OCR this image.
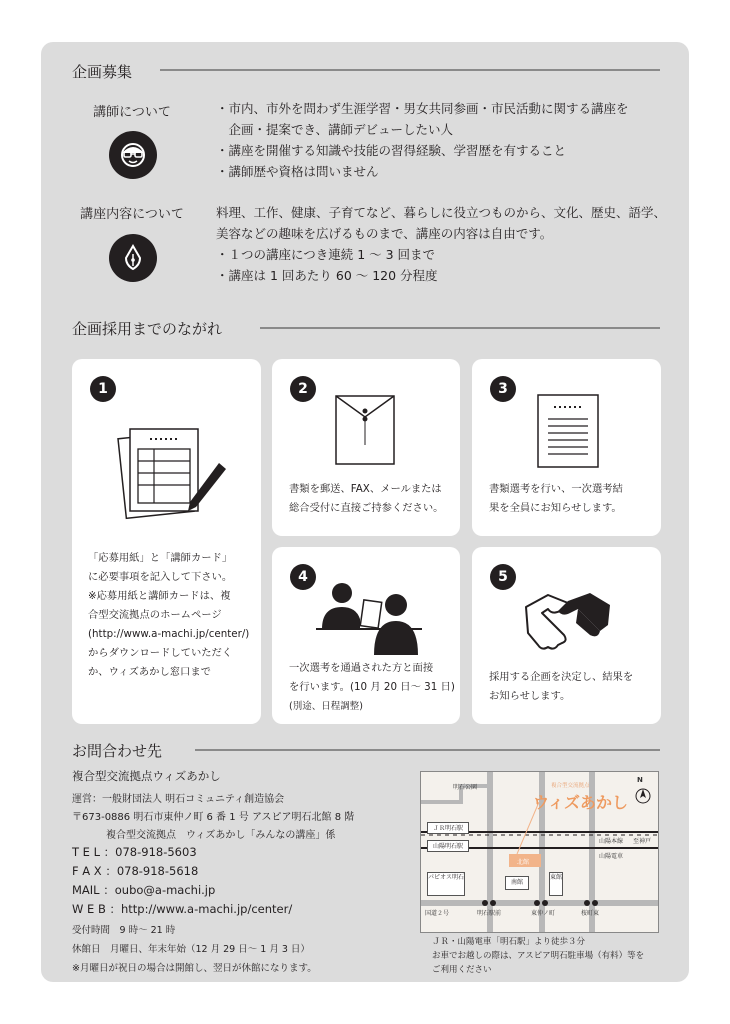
企画募集
講師について	・市内、市外を問わず生涯学習・男女共同参画・市民活動に関する講座を
　企画・提案でき、講師デビューしたい人
・講座を開催する知識や技能の習得経験、学習歴を有すること
・講師歴や資格は問いません
講座内容について	料理、工作、健康、子育てなど、暮らしに役立つものから、文化、歴史、語学、
美容などの趣味を広げるものまで、講座の内容は自由です。
・１つの講座につき連続 1 ～ 3 回まで
・講座は 1 回あたり 60 ～ 120 分程度
企画採用までのながれ
1
「応募用紙」と「講師カード」
に必要事項を記入して下さい。
※応募用紙と講師カードは、複
合型交流拠点のホームページ
(http://www.a-machi.jp/center/)
からダウンロードしていただく
か、ウィズあかし窓口まで
2
書類を郵送、FAX、メールまたは
総合受付に直接ご持参ください。
3
書類選考を行い、一次選考結
果を全員にお知らせします。
4
一次選考を通過された方と面接
を行います。(10 月 20 日～ 31 日)
(別途、日程調整)
5
採用する企画を決定し、結果を
お知らせします。
お問合わせ先
複合型交流拠点ウィズあかし
運営：一般財団法人 明石コミュニティ創造協会
〒673-0886 明石市東仲ノ町 6 番 1 号 アスピア明石北館 8 階
複合型交流拠点　ウィズあかし「みんなの講座」係
T E L ：078-918-5603
F A X ：078-918-5618
MAIL ：oubo@a-machi.jp
W E B ：http://www.a-machi.jp/center/
受付時間　9 時～ 21 時
休館日　月曜日、年末年始（12 月 29 日～ 1 月 3 日）
※月曜日が祝日の場合は開館し、翌日が休館になります。
明石公園	複合型交流拠点
ウィズあかし
N
ＪＲ明石駅
山陽明石駅
山陽本線 至神戸
山陽電車
北館
パピオス明石
南館
東館
国道２号	明石駅前	東仲ノ町	桜町東
ＪＲ・山陽電車「明石駅」より徒歩３分
お車でお越しの際は、アスピア明石駐車場（有料）等を
ご利用ください
